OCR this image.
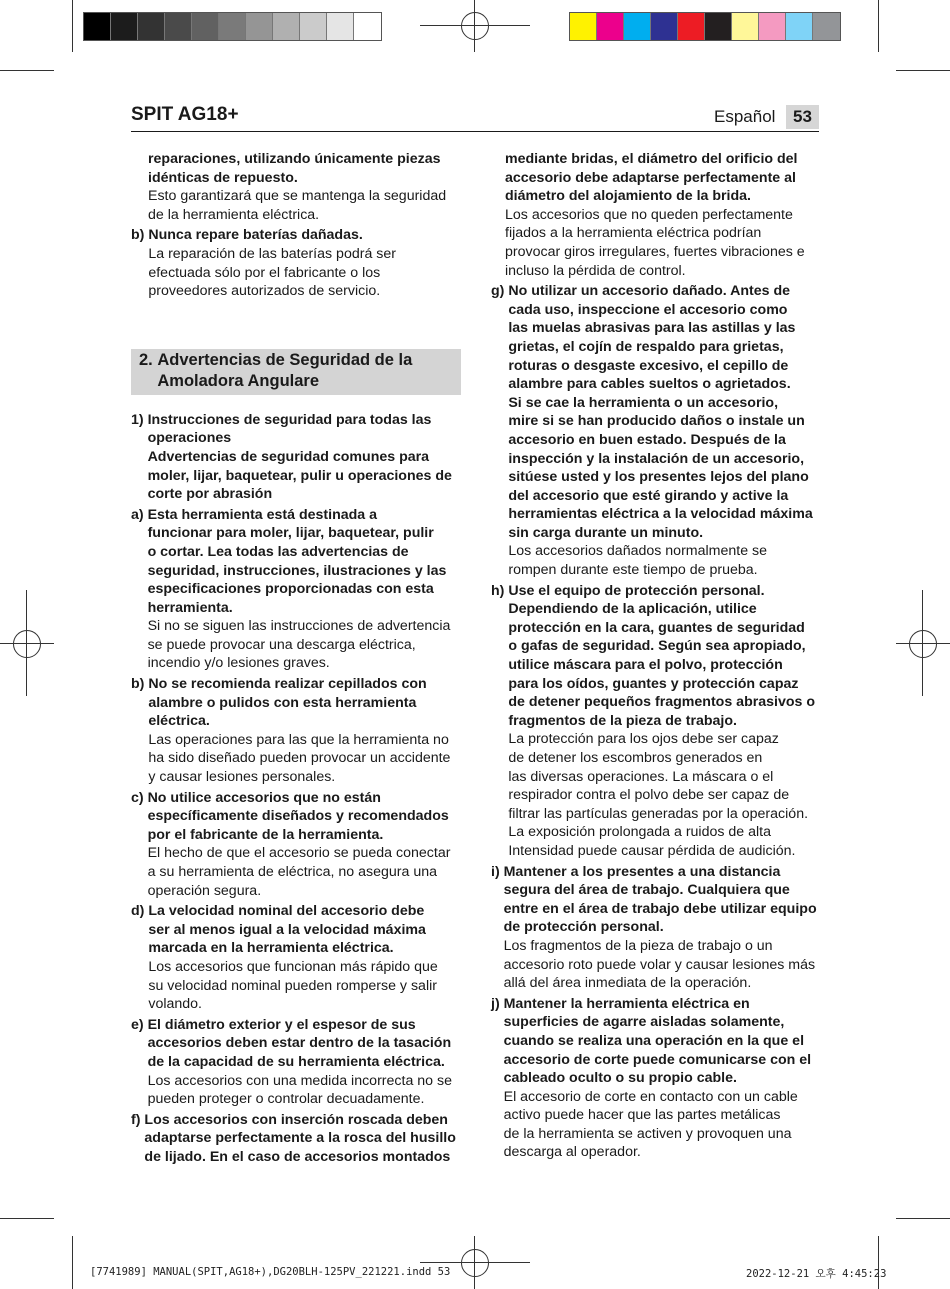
SPIT AG18+	Español	53
reparaciones, utilizando únicamente piezas
idénticas de repuesto.
Esto garantizará que se mantenga la seguridad
de la herramienta eléctrica.
b) Nunca repare baterías dañadas.
La reparación de las baterías podrá ser
efectuada sólo por el fabricante o los
proveedores autorizados de servicio.
2. Advertencias de Seguridad de la
Amoladora Angulare
1) Instrucciones de seguridad para todas las
operaciones
Advertencias de seguridad comunes para
moler, lijar, baquetear, pulir u operaciones de
corte por abrasión
a) Esta herramienta está destinada a
funcionar para moler, lijar, baquetear, pulir
o cortar. Lea todas las advertencias de
seguridad, instrucciones, ilustraciones y las
especificaciones proporcionadas con esta
herramienta.
Si no se siguen las instrucciones de advertencia
se puede provocar una descarga eléctrica,
incendio y/o lesiones graves.
b) No se recomienda realizar cepillados con
alambre o pulidos con esta herramienta
eléctrica.
Las operaciones para las que la herramienta no
ha sido diseñado pueden provocar un accidente
y causar lesiones personales.
c) No utilice accesorios que no están
específicamente diseñados y recomendados
por el fabricante de la herramienta.
El hecho de que el accesorio se pueda conectar
a su herramienta de eléctrica, no asegura una
operación segura.
d) La velocidad nominal del accesorio debe
ser al menos igual a la velocidad máxima
marcada en la herramienta eléctrica.
Los accesorios que funcionan más rápido que
su velocidad nominal pueden romperse y salir
volando.
e) El diámetro exterior y el espesor de sus
accesorios deben estar dentro de la tasación
de la capacidad de su herramienta eléctrica.
Los accesorios con una medida incorrecta no se
pueden proteger o controlar decuadamente.
f) Los accesorios con inserción roscada deben
adaptarse perfectamente a la rosca del husillo
de lijado. En el caso de accesorios montados
mediante bridas, el diámetro del orificio del
accesorio debe adaptarse perfectamente al
diámetro del alojamiento de la brida.
Los accesorios que no queden perfectamente
fijados a la herramienta eléctrica podrían
provocar giros irregulares, fuertes vibraciones e
incluso la pérdida de control.
g) No utilizar un accesorio dañado. Antes de
cada uso, inspeccione el accesorio como
las muelas abrasivas para las astillas y las
grietas, el cojín de respaldo para grietas,
roturas o desgaste excesivo, el cepillo de
alambre para cables sueltos o agrietados.
Si se cae la herramienta o un accesorio,
mire si se han producido daños o instale un
accesorio en buen estado. Después de la
inspección y la instalación de un accesorio,
sitúese usted y los presentes lejos del plano
del accesorio que esté girando y active la
herramientas eléctrica a la velocidad máxima
sin carga durante un minuto.
Los accesorios dañados normalmente se
rompen durante este tiempo de prueba.
h) Use el equipo de protección personal.
Dependiendo de la aplicación, utilice
protección en la cara, guantes de seguridad
o gafas de seguridad. Según sea apropiado,
utilice máscara para el polvo, protección
para los oídos, guantes y protección capaz
de detener pequeños fragmentos abrasivos o
fragmentos de la pieza de trabajo.
La protección para los ojos debe ser capaz
de detener los escombros generados en
las diversas operaciones. La máscara o el
respirador contra el polvo debe ser capaz de
filtrar las partículas generadas por la operación.
La exposición prolongada a ruidos de alta
Intensidad puede causar pérdida de audición.
i) Mantener a los presentes a una distancia
segura del área de trabajo. Cualquiera que
entre en el área de trabajo debe utilizar equipo
de protección personal.
Los fragmentos de la pieza de trabajo o un
accesorio roto puede volar y causar lesiones más
allá del área inmediata de la operación.
j) Mantener la herramienta eléctrica en
superficies de agarre aisladas solamente,
cuando se realiza una operación en la que el
accesorio de corte puede comunicarse con el
cableado oculto o su propio cable.
El accesorio de corte en contacto con un cable
activo puede hacer que las partes metálicas
de la herramienta se activen y provoquen una
descarga al operador.
[7741989] MANUAL(SPIT,AG18+),DG20BLH-125PV_221221.indd 53	2022-12-21 오후 4:45:23
